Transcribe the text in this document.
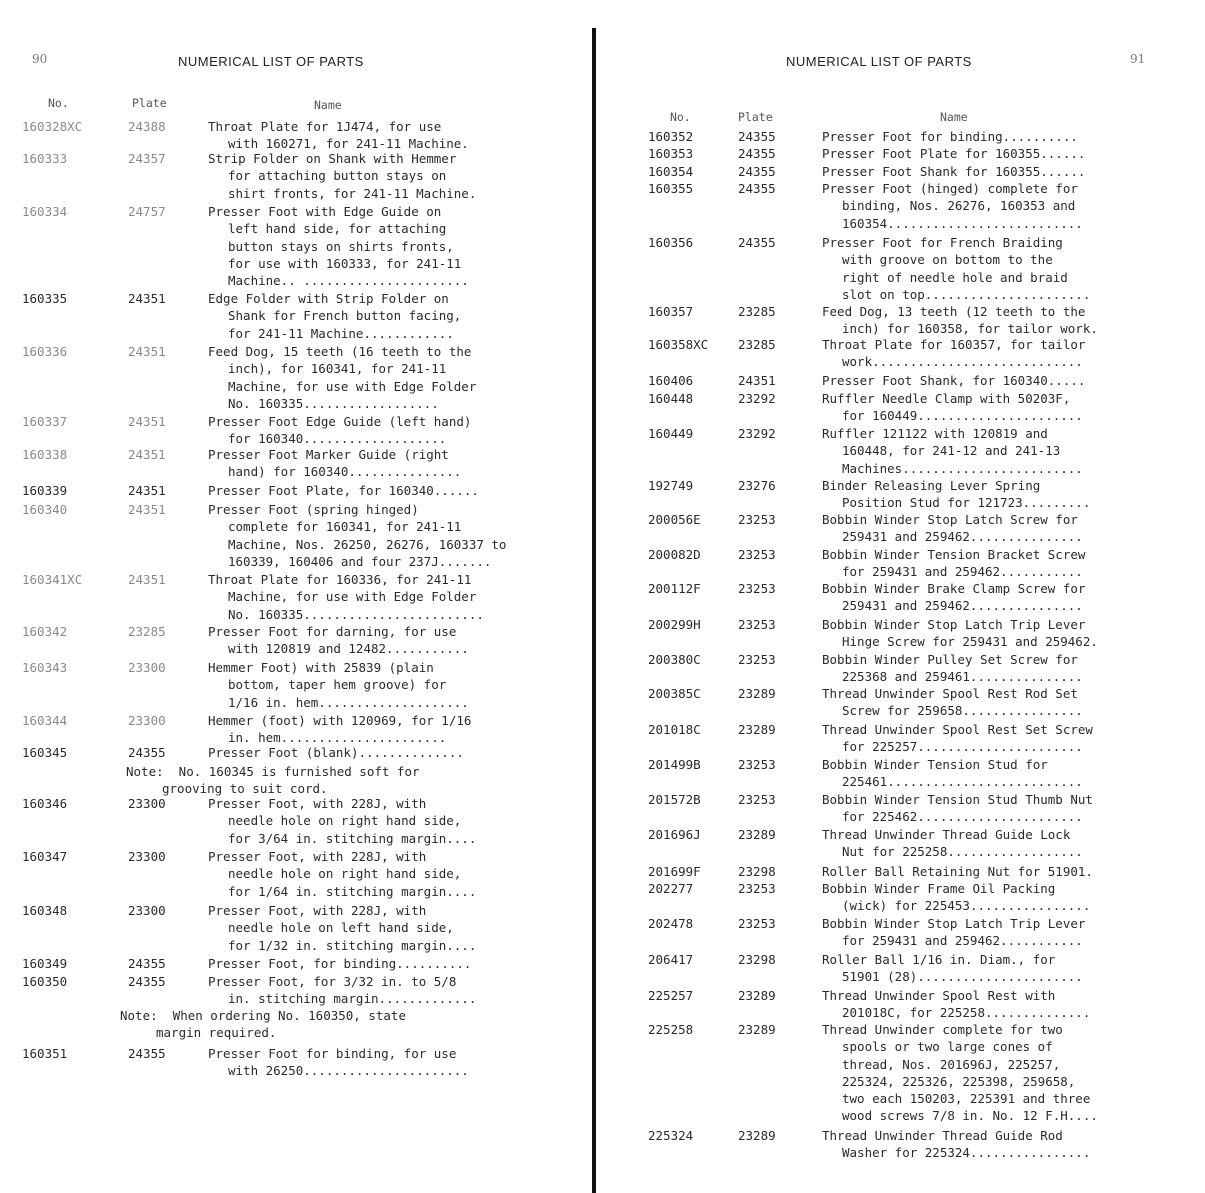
90	NUMERICAL LIST OF PARTS
No.	Plate	Name
160328XC	24388	Throat Plate for 1J474, for use
with 160271, for 241-11 Machine.
160333	24357	Strip Folder on Shank with Hemmer
for attaching button stays on
shirt fronts, for 241-11 Machine.
160334	24757	Presser Foot with Edge Guide on
left hand side, for attaching
button stays on shirts fronts,
for use with 160333, for 241-11
Machine.. ......................
160335	24351	Edge Folder with Strip Folder on
Shank for French button facing,
for 241-11 Machine............
160336	24351	Feed Dog, 15 teeth (16 teeth to the
inch), for 160341, for 241-11
Machine, for use with Edge Folder
No. 160335..................
160337	24351	Presser Foot Edge Guide (left hand)
for 160340...................
160338	24351	Presser Foot Marker Guide (right
hand) for 160340...............
160339	24351	Presser Foot Plate, for 160340......
160340	24351	Presser Foot (spring hinged)
complete for 160341, for 241-11
Machine, Nos. 26250, 26276, 160337 to
160339, 160406 and four 237J.......
160341XC	24351	Throat Plate for 160336, for 241-11
Machine, for use with Edge Folder
No. 160335........................
160342	23285	Presser Foot for darning, for use
with 120819 and 12482...........
160343	23300	Hemmer Foot) with 25839 (plain
bottom, taper hem groove) for
1/16 in. hem....................
160344	23300	Hemmer (foot) with 120969, for 1/16
in. hem......................
160345	24355	Presser Foot (blank)..............
160346	23300	Presser Foot, with 228J, with
needle hole on right hand side,
for 3/64 in. stitching margin....
160347	23300	Presser Foot, with 228J, with
needle hole on right hand side,
for 1/64 in. stitching margin....
160348	23300	Presser Foot, with 228J, with
needle hole on left hand side,
for 1/32 in. stitching margin....
160349	24355	Presser Foot, for binding..........
160350	24355	Presser Foot, for 3/32 in. to 5/8
in. stitching margin.............
160351	24355	Presser Foot for binding, for use
with 26250......................
Note:  No. 160345 is furnished soft for
grooving to suit cord.
Note:  When ordering No. 160350, state
margin required.
NUMERICAL LIST OF PARTS	91
No.	Plate	Name
160352	24355	Presser Foot for binding..........
160353	24355	Presser Foot Plate for 160355......
160354	24355	Presser Foot Shank for 160355......
160355	24355	Presser Foot (hinged) complete for
binding, Nos. 26276, 160353 and
160354..........................
160356	24355	Presser Foot for French Braiding
with groove on bottom to the
right of needle hole and braid
slot on top......................
160357	23285	Feed Dog, 13 teeth (12 teeth to the
inch) for 160358, for tailor work.
160358XC 23285	Throat Plate for 160357, for tailor
work............................
160406	24351	Presser Foot Shank, for 160340.....
160448	23292	Ruffler Needle Clamp with 50203F,
for 160449......................
160449	23292	Ruffler 121122 with 120819 and
160448, for 241-12 and 241-13
Machines........................
192749	23276	Binder Releasing Lever Spring
Position Stud for 121723.........
200056E	23253	Bobbin Winder Stop Latch Screw for
259431 and 259462...............
200082D	23253	Bobbin Winder Tension Bracket Screw
for 259431 and 259462...........
200112F	23253	Bobbin Winder Brake Clamp Screw for
259431 and 259462...............
200299H	23253	Bobbin Winder Stop Latch Trip Lever
Hinge Screw for 259431 and 259462.
200380C	23253	Bobbin Winder Pulley Set Screw for
225368 and 259461...............
200385C	23289	Thread Unwinder Spool Rest Rod Set
Screw for 259658................
201018C	23289	Thread Unwinder Spool Rest Set Screw
for 225257......................
201499B	23253	Bobbin Winder Tension Stud for
225461..........................
201572B	23253	Bobbin Winder Tension Stud Thumb Nut
for 225462......................
201696J	23289	Thread Unwinder Thread Guide Lock
Nut for 225258..................
201699F	23298	Roller Ball Retaining Nut for 51901.
202277	23253	Bobbin Winder Frame Oil Packing
(wick) for 225453................
202478	23253	Bobbin Winder Stop Latch Trip Lever
for 259431 and 259462...........
206417	23298	Roller Ball 1/16 in. Diam., for
51901 (28)......................
225257	23289	Thread Unwinder Spool Rest with
201018C, for 225258..............
225258	23289	Thread Unwinder complete for two
spools or two large cones of
thread, Nos. 201696J, 225257,
225324, 225326, 225398, 259658,
two each 150203, 225391 and three
wood screws 7/8 in. No. 12 F.H....
225324	23289	Thread Unwinder Thread Guide Rod
Washer for 225324................
